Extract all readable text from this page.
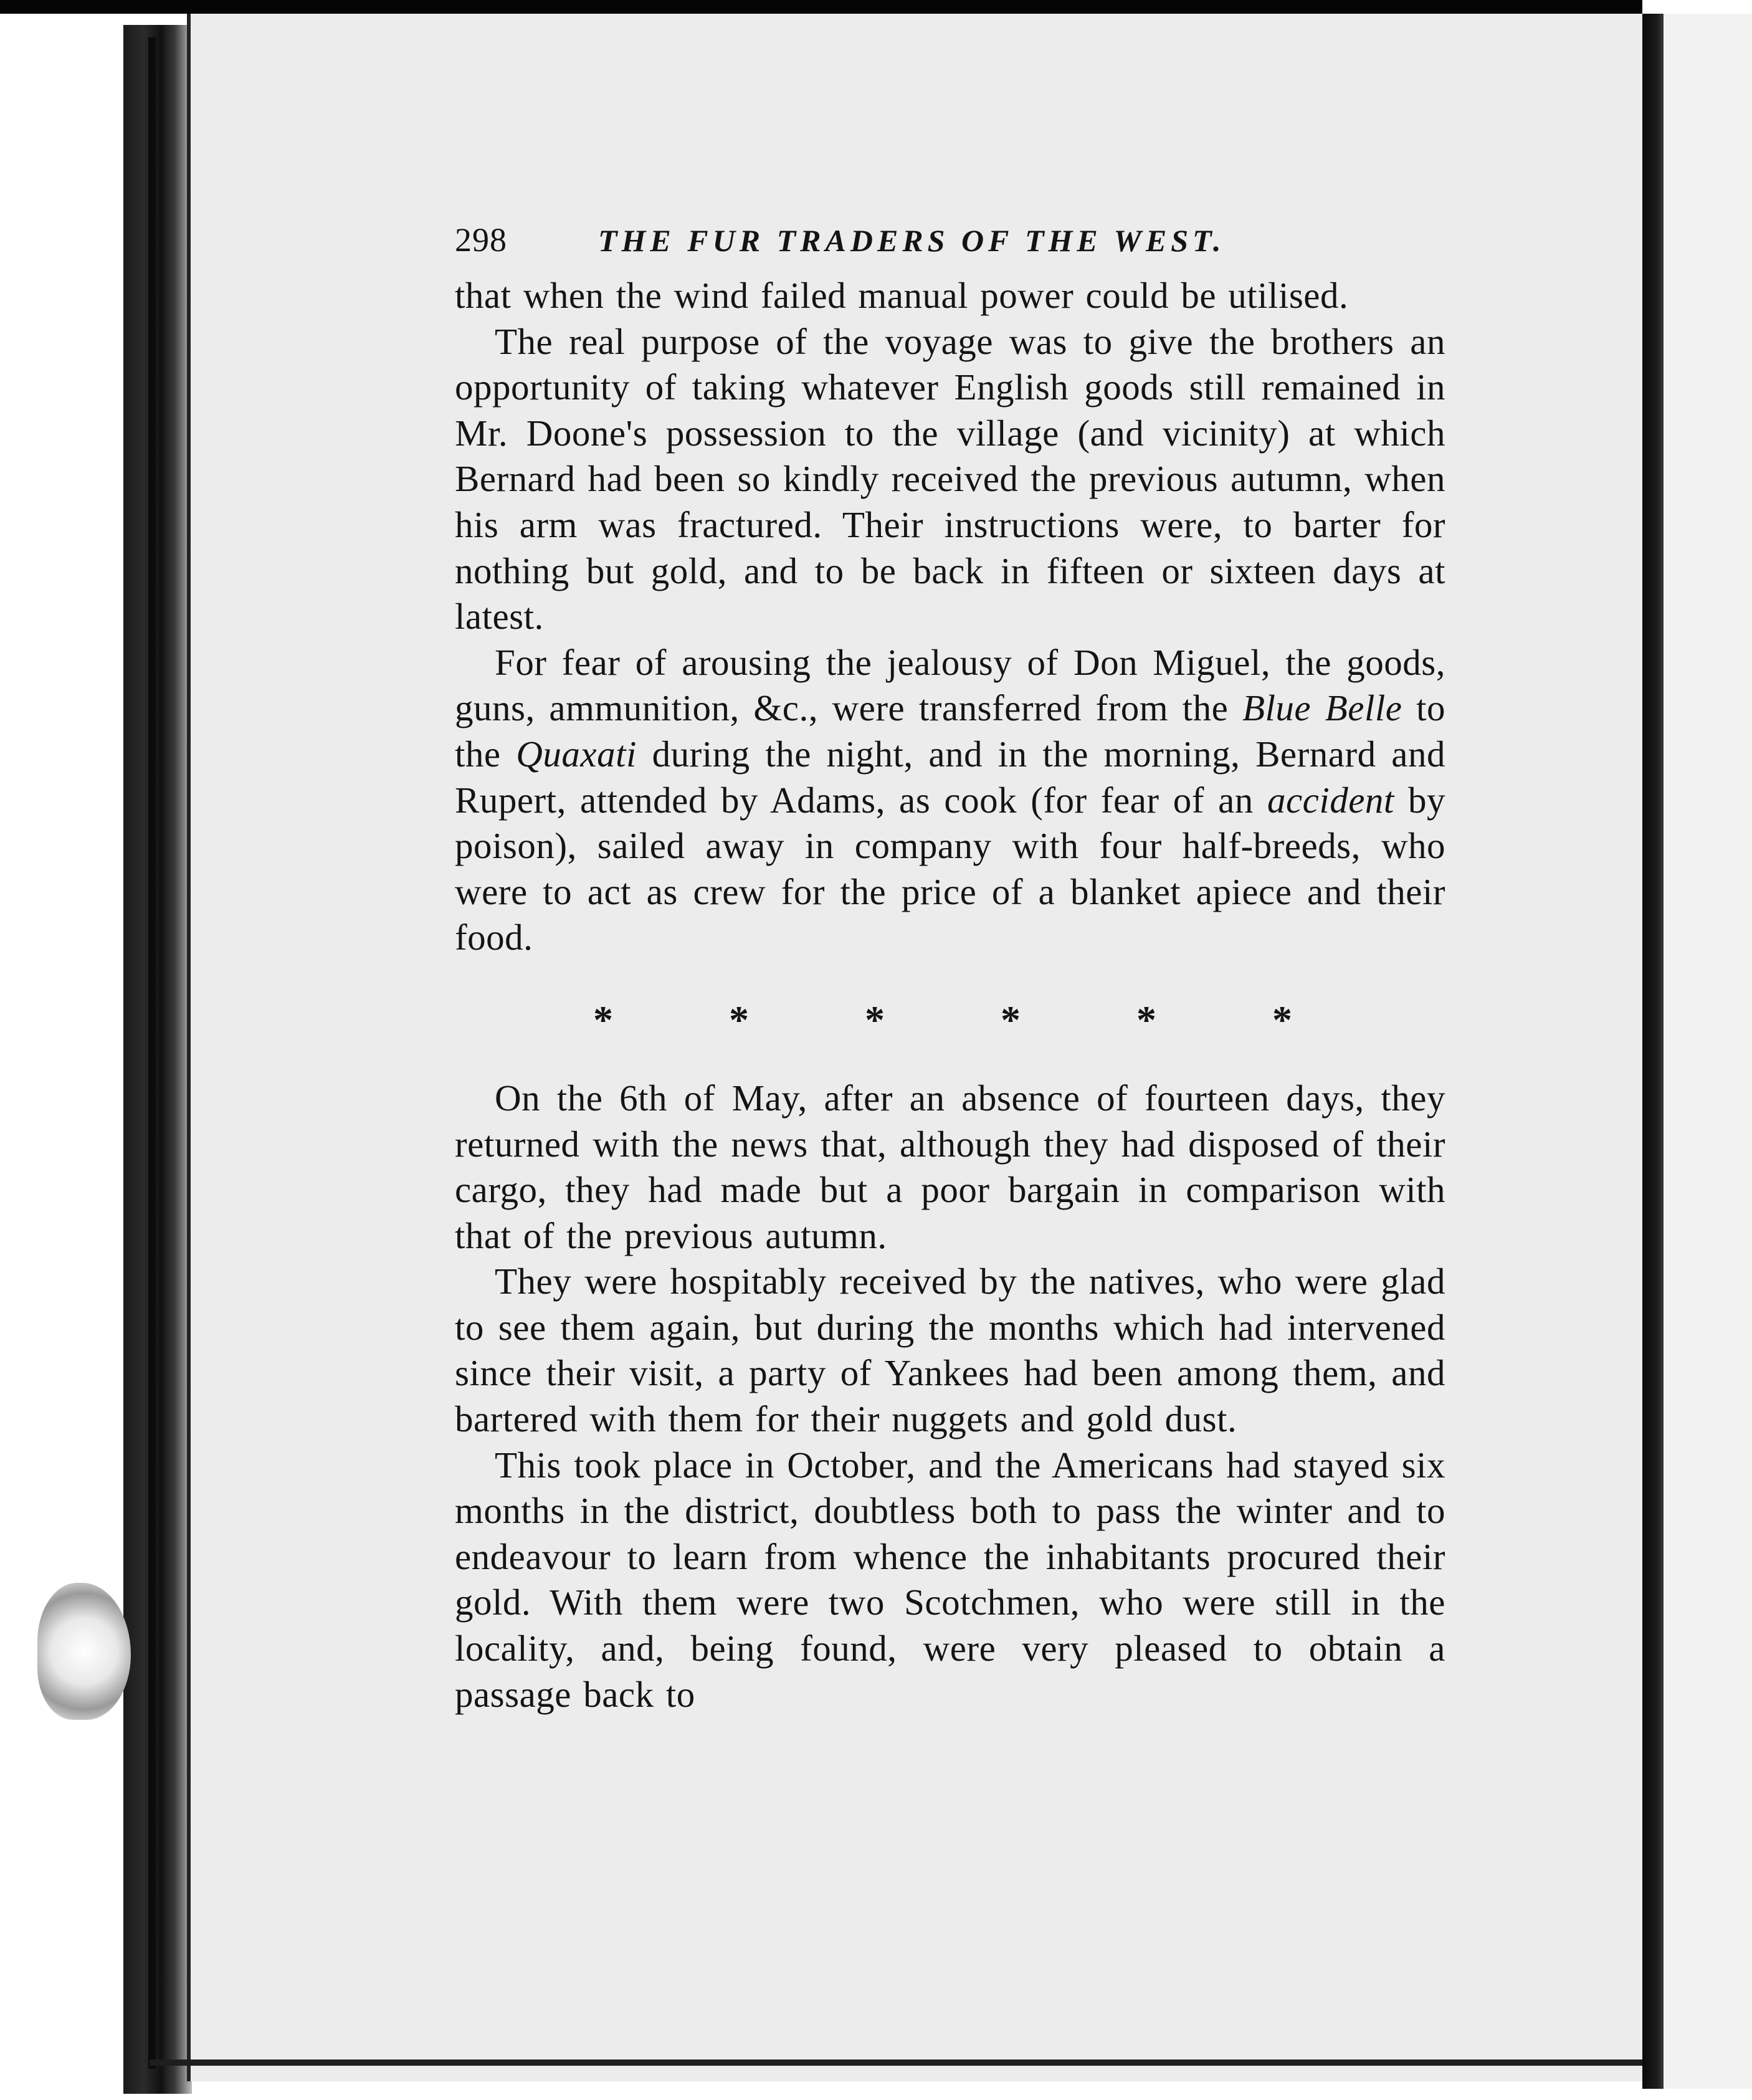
298	THE FUR TRADERS OF THE WEST.

that when the wind failed manual power could be utilised.

The real purpose of the voyage was to give the brothers an opportunity of taking whatever English goods still remained in Mr. Doone's possession to the village (and vicinity) at which Bernard had been so kindly received the previous autumn, when his arm was fractured. Their instructions were, to barter for nothing but gold, and to be back in fifteen or sixteen days at latest.

For fear of arousing the jealousy of Don Miguel, the goods, guns, ammunition, &c., were transferred from the Blue Belle to the Quaxati during the night, and in the morning, Bernard and Rupert, attended by Adams, as cook (for fear of an accident by poison), sailed away in company with four half-breeds, who were to act as crew for the price of a blanket apiece and their food.

*	*	*	*	*	*

On the 6th of May, after an absence of fourteen days, they returned with the news that, although they had disposed of their cargo, they had made but a poor bargain in comparison with that of the previous autumn.

They were hospitably received by the natives, who were glad to see them again, but during the months which had intervened since their visit, a party of Yankees had been among them, and bartered with them for their nuggets and gold dust.

This took place in October, and the Americans had stayed six months in the district, doubtless both to pass the winter and to endeavour to learn from whence the inhabitants procured their gold. With them were two Scotchmen, who were still in the locality, and, being found, were very pleased to obtain a passage back to
